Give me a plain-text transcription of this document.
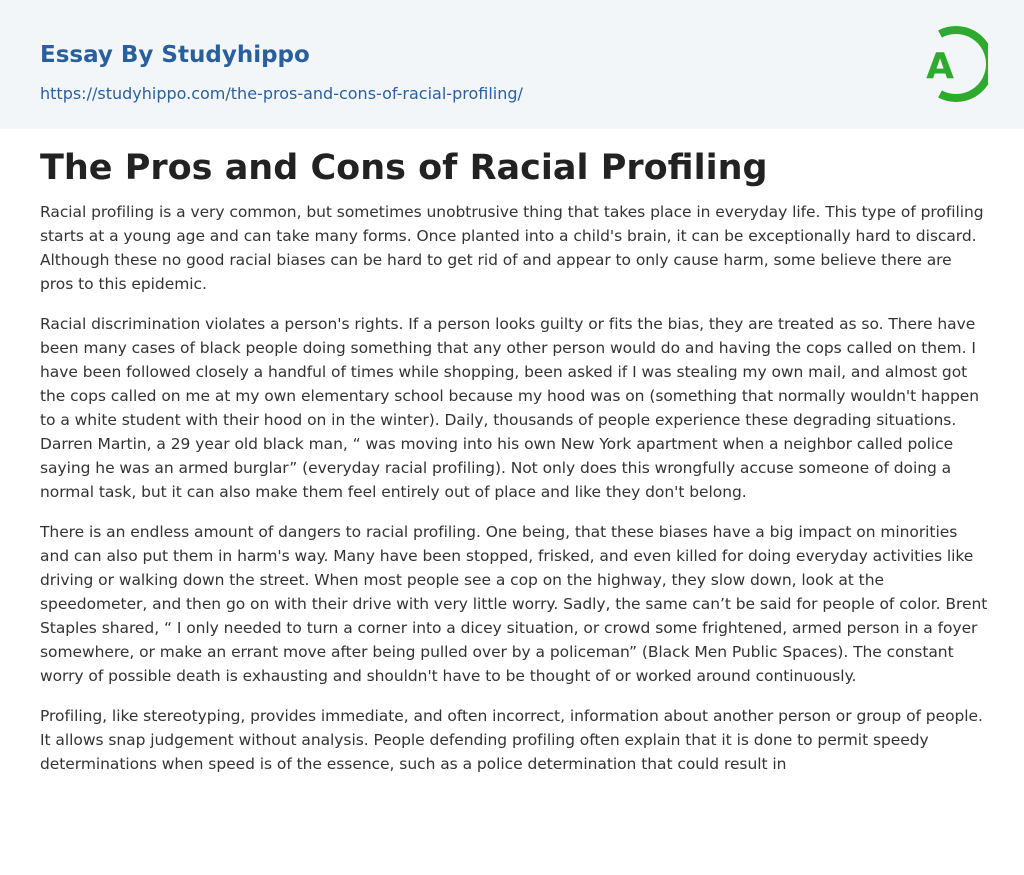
Essay By Studyhippo
https://studyhippo.com/the-pros-and-cons-of-racial-profiling/
A
The Pros and Cons of Racial Profiling

Racial profiling is a very common, but sometimes unobtrusive thing that takes place in everyday life. This type of profiling starts at a young age and can take many forms. Once planted into a child's brain, it can be exceptionally hard to discard. Although these no good racial biases can be hard to get rid of and appear to only cause harm, some believe there are pros to this epidemic.

Racial discrimination violates a person's rights. If a person looks guilty or fits the bias, they are treated as so. There have been many cases of black people doing something that any other person would do and having the cops called on them. I have been followed closely a handful of times while shopping, been asked if I was stealing my own mail, and almost got the cops called on me at my own elementary school because my hood was on (something that normally wouldn't happen to a white student with their hood on in the winter). Daily, thousands of people experience these degrading situations. Darren Martin, a 29 year old black man, “ was moving into his own New York apartment when a neighbor called police saying he was an armed burglar” (everyday racial profiling). Not only does this wrongfully accuse someone of doing a normal task, but it can also make them feel entirely out of place and like they don't belong.

There is an endless amount of dangers to racial profiling. One being, that these biases have a big impact on minorities and can also put them in harm's way. Many have been stopped, frisked, and even killed for doing everyday activities like driving or walking down the street. When most people see a cop on the highway, they slow down, look at the speedometer, and then go on with their drive with very little worry. Sadly, the same can’t be said for people of color. Brent Staples shared, “ I only needed to turn a corner into a dicey situation, or crowd some frightened, armed person in a foyer somewhere, or make an errant move after being pulled over by a policeman” (Black Men Public Spaces). The constant worry of possible death is exhausting and shouldn't have to be thought of or worked around continuously.

Profiling, like stereotyping, provides immediate, and often incorrect, information about another person or group of people. It allows snap judgement without analysis. People defending profiling often explain that it is done to permit speedy determinations when speed is of the essence, such as a police determination that could result in
